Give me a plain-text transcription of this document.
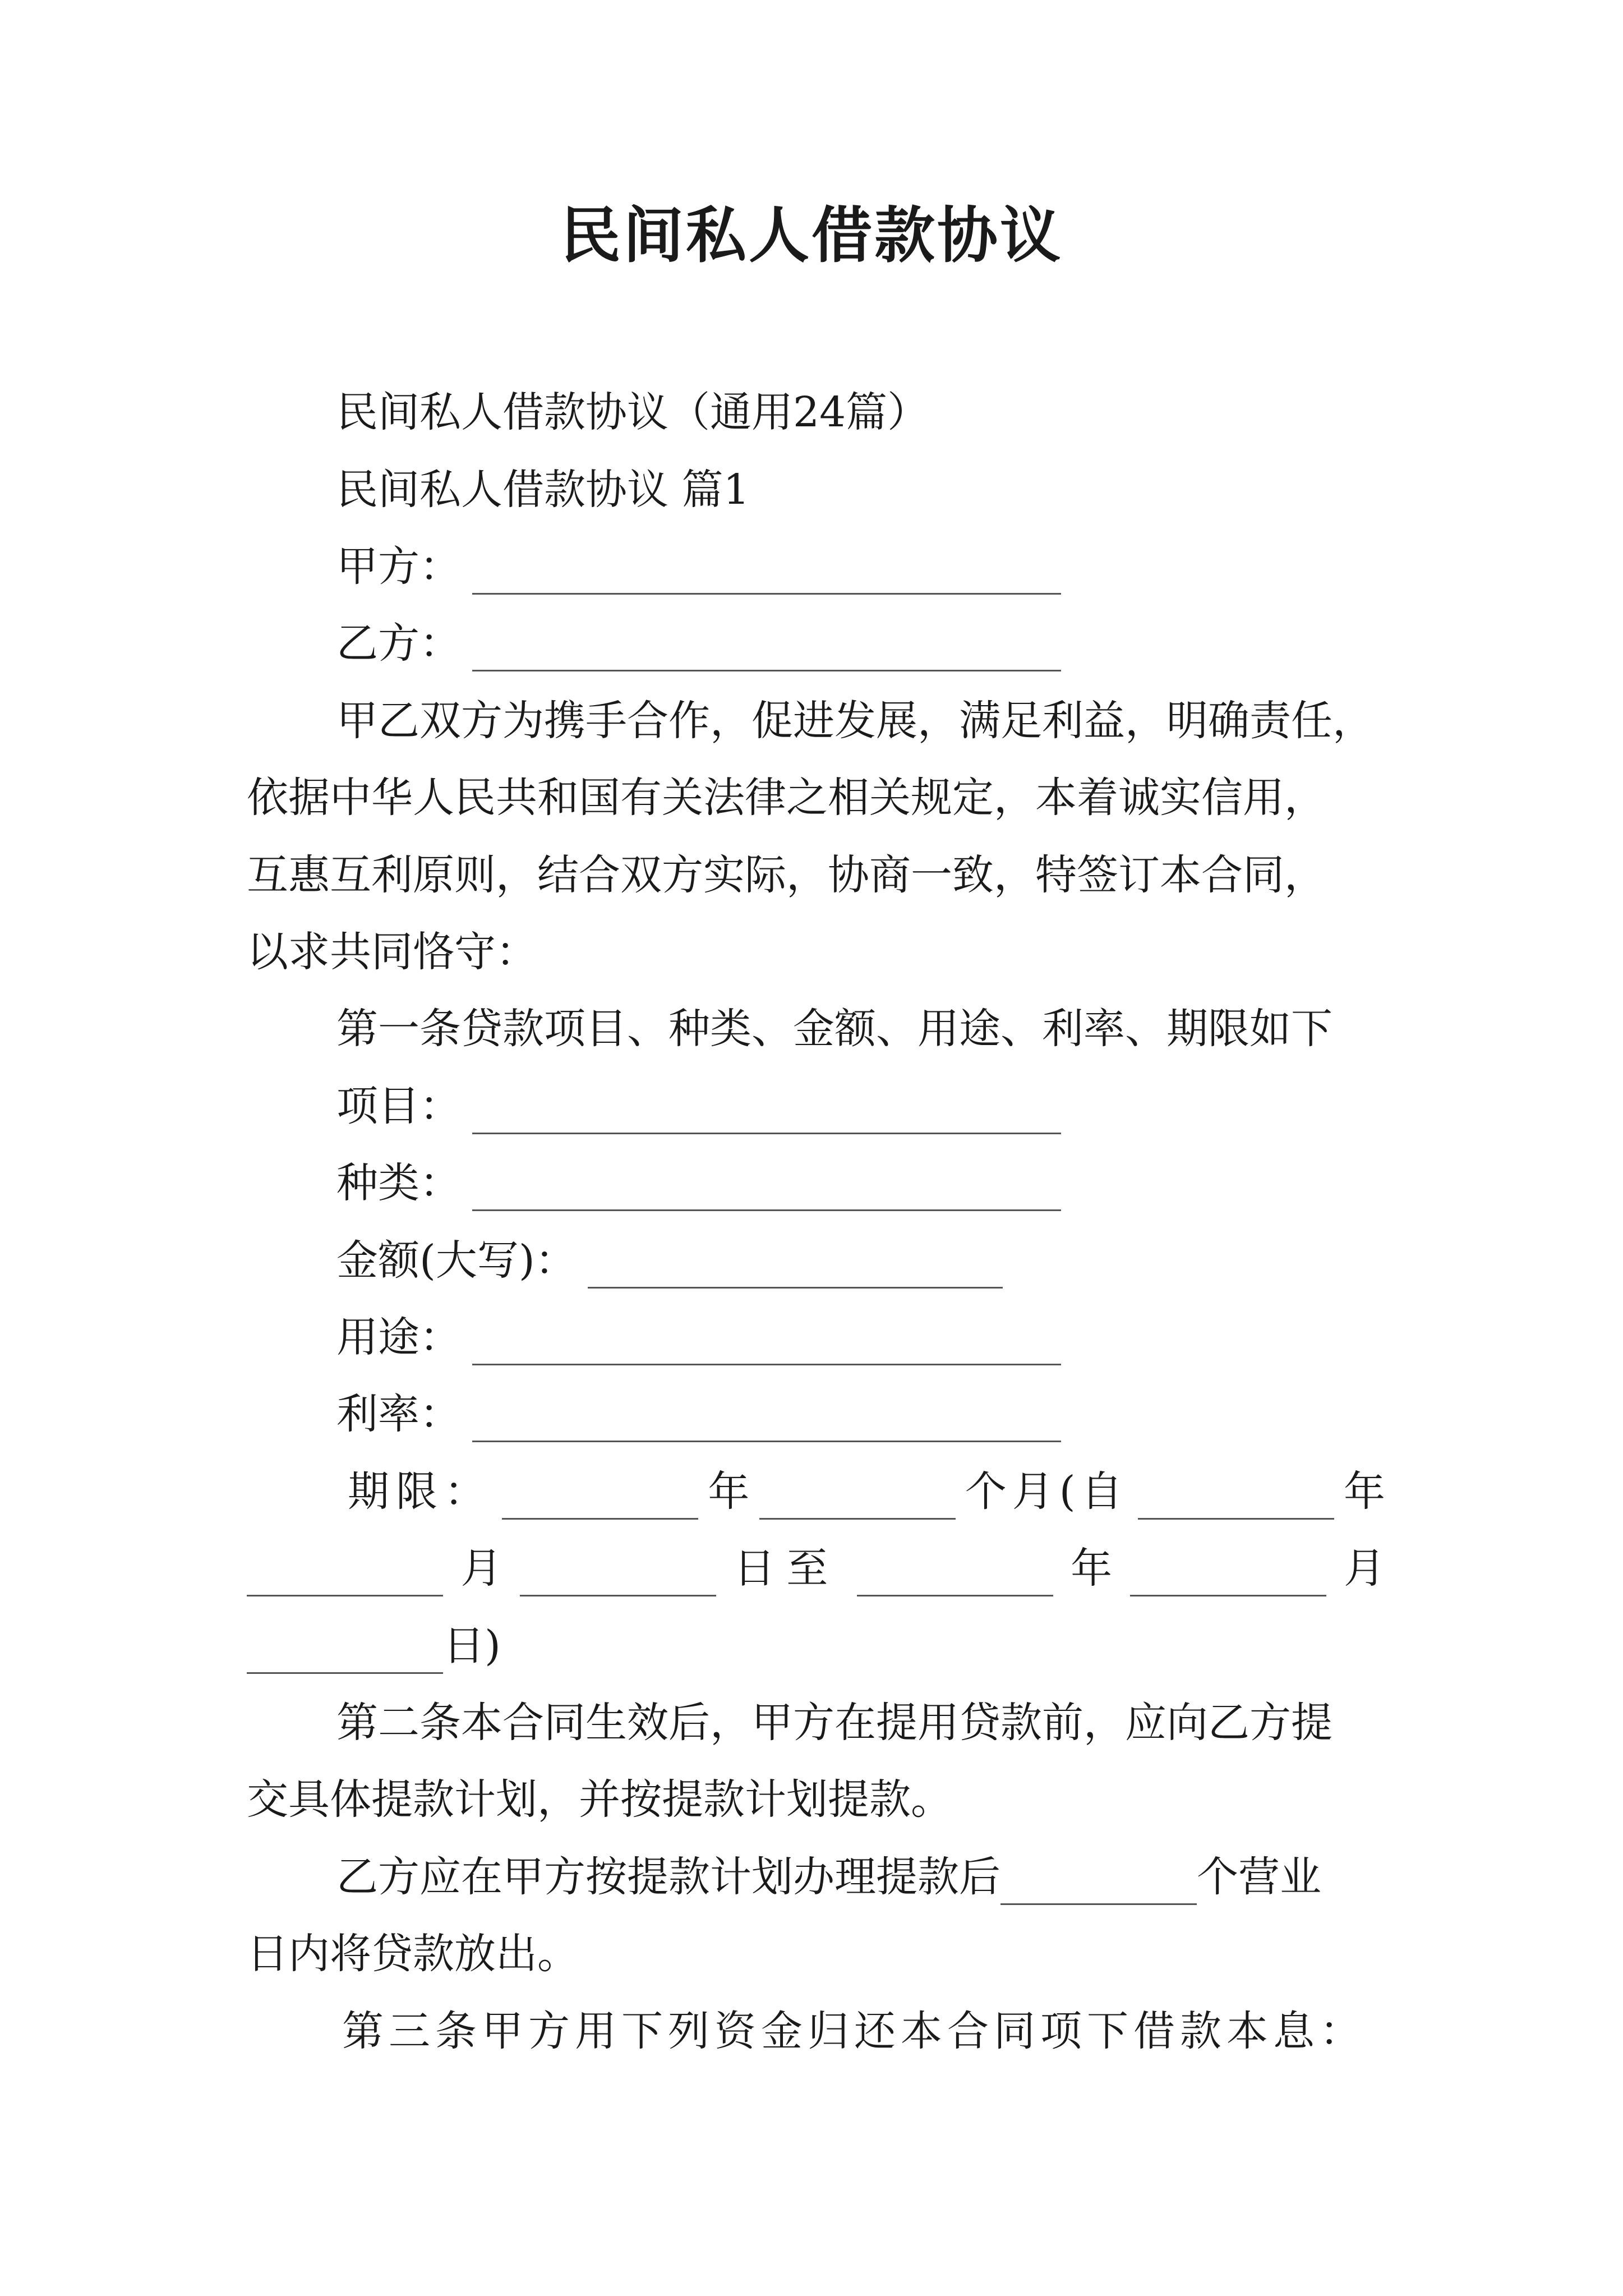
民间私人借款协议
民间私人借款协议（通用24篇）
民间私人借款协议 篇1
甲方：
乙方：
甲乙双方为携手合作，促进发展，满足利益，明确责任，
依据中华人民共和国有关法律之相关规定，本着诚实信用，
互惠互利原则，结合双方实际，协商一致，特签订本合同，
以求共同恪守：
第一条贷款项目、种类、金额、用途、利率、期限如下
项目：
种类：
金额(大写)：
用途：
利率：
期限：	年	个月(自	年
月	日至	年	月
日)
第二条本合同生效后，甲方在提用贷款前，应向乙方提
交具体提款计划，并按提款计划提款。
乙方应在甲方按提款计划办理提款后	个营业
日内将贷款放出。
第三条甲方用下列资金归还本合同项下借款本息：
